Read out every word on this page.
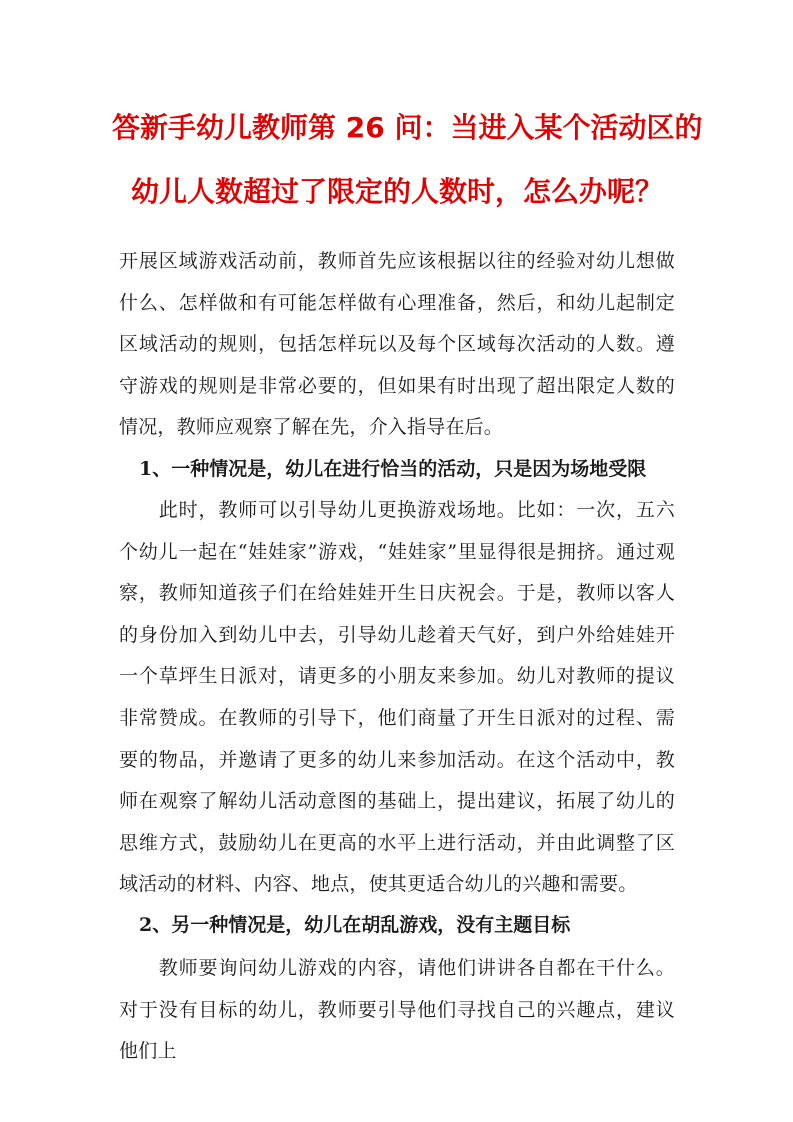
答新手幼儿教师第 26 问：当进入某个活动区的
幼儿人数超过了限定的人数时，怎么办呢？

开展区域游戏活动前，教师首先应该根据以往的经验对幼儿想做什么、怎样做和有可能怎样做有心理准备，然后，和幼儿起制定区域活动的规则，包括怎样玩以及每个区域每次活动的人数。遵守游戏的规则是非常必要的，但如果有时出现了超出限定人数的情况，教师应观察了解在先，介入指导在后。

1、一种情况是，幼儿在进行恰当的活动，只是因为场地受限

　　此时，教师可以引导幼儿更换游戏场地。比如：一次，五六个幼儿一起在“娃娃家”游戏，“娃娃家”里显得很是拥挤。通过观察，教师知道孩子们在给娃娃开生日庆祝会。于是，教师以客人的身份加入到幼儿中去，引导幼儿趁着天气好，到户外给娃娃开一个草坪生日派对，请更多的小朋友来参加。幼儿对教师的提议非常赞成。在教师的引导下，他们商量了开生日派对的过程、需要的物品，并邀请了更多的幼儿来参加活动。在这个活动中，教师在观察了解幼儿活动意图的基础上，提出建议，拓展了幼儿的思维方式，鼓励幼儿在更高的水平上进行活动，并由此调整了区域活动的材料、内容、地点，使其更适合幼儿的兴趣和需要。

2、另一种情况是，幼儿在胡乱游戏，没有主题目标

　　教师要询问幼儿游戏的内容，请他们讲讲各自都在干什么。对于没有目标的幼儿，教师要引导他们寻找自己的兴趣点，建议他们上
